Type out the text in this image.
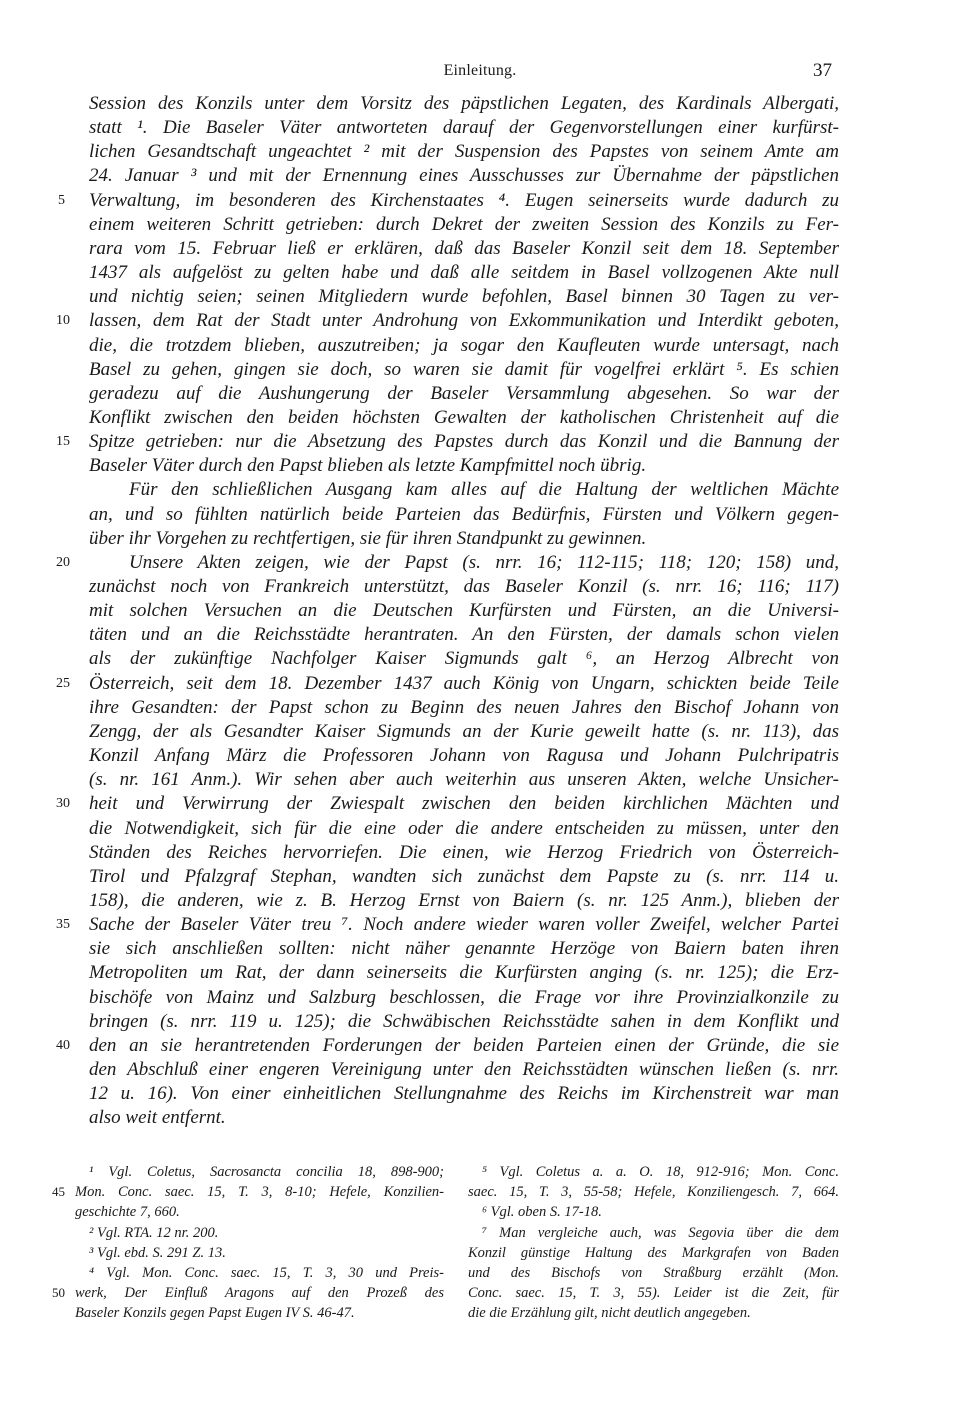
Einleitung.	37
Session des Konzils unter dem Vorsitz des päpstlichen Legaten, des Kardinals Albergati,
statt ¹. Die Baseler Väter antworteten darauf der Gegenvorstellungen einer kurfürst-
lichen Gesandtschaft ungeachtet ² mit der Suspension des Papstes von seinem Amte am
24. Januar ³ und mit der Ernennung eines Ausschusses zur Übernahme der päpstlichen
Verwaltung, im besonderen des Kirchenstaates ⁴. Eugen seinerseits wurde dadurch zu
einem weiteren Schritt getrieben: durch Dekret der zweiten Session des Konzils zu Fer-
rara vom 15. Februar ließ er erklären, daß das Baseler Konzil seit dem 18. September
1437 als aufgelöst zu gelten habe und daß alle seitdem in Basel vollzogenen Akte null
und nichtig seien; seinen Mitgliedern wurde befohlen, Basel binnen 30 Tagen zu ver-
lassen, dem Rat der Stadt unter Androhung von Exkommunikation und Interdikt geboten,
die, die trotzdem blieben, auszutreiben; ja sogar den Kaufleuten wurde untersagt, nach
Basel zu gehen, gingen sie doch, so waren sie damit für vogelfrei erklärt ⁵. Es schien
geradezu auf die Aushungerung der Baseler Versammlung abgesehen. So war der
Konflikt zwischen den beiden höchsten Gewalten der katholischen Christenheit auf die
Spitze getrieben: nur die Absetzung des Papstes durch das Konzil und die Bannung der
Baseler Väter durch den Papst blieben als letzte Kampfmittel noch übrig.
Für den schließlichen Ausgang kam alles auf die Haltung der weltlichen Mächte
an, und so fühlten natürlich beide Parteien das Bedürfnis, Fürsten und Völkern gegen-
über ihr Vorgehen zu rechtfertigen, sie für ihren Standpunkt zu gewinnen.
Unsere Akten zeigen, wie der Papst (s. nrr. 16; 112-115; 118; 120; 158) und,
zunächst noch von Frankreich unterstützt, das Baseler Konzil (s. nrr. 16; 116; 117)
mit solchen Versuchen an die Deutschen Kurfürsten und Fürsten, an die Universi-
täten und an die Reichsstädte herantraten. An den Fürsten, der damals schon vielen
als der zukünftige Nachfolger Kaiser Sigmunds galt ⁶, an Herzog Albrecht von
Österreich, seit dem 18. Dezember 1437 auch König von Ungarn, schickten beide Teile
ihre Gesandten: der Papst schon zu Beginn des neuen Jahres den Bischof Johann von
Zengg, der als Gesandter Kaiser Sigmunds an der Kurie geweilt hatte (s. nr. 113), das
Konzil Anfang März die Professoren Johann von Ragusa und Johann Pulchripatris
(s. nr. 161 Anm.). Wir sehen aber auch weiterhin aus unseren Akten, welche Unsicher-
heit und Verwirrung der Zwiespalt zwischen den beiden kirchlichen Mächten und
die Notwendigkeit, sich für die eine oder die andere entscheiden zu müssen, unter den
Ständen des Reiches hervorriefen. Die einen, wie Herzog Friedrich von Österreich-
Tirol und Pfalzgraf Stephan, wandten sich zunächst dem Papste zu (s. nrr. 114 u.
158), die anderen, wie z. B. Herzog Ernst von Baiern (s. nr. 125 Anm.), blieben der
Sache der Baseler Väter treu ⁷. Noch andere wieder waren voller Zweifel, welcher Partei
sie sich anschließen sollten: nicht näher genannte Herzöge von Baiern baten ihren
Metropoliten um Rat, der dann seinerseits die Kurfürsten anging (s. nr. 125); die Erz-
bischöfe von Mainz und Salzburg beschlossen, die Frage vor ihre Provinzialkonzile zu
bringen (s. nrr. 119 u. 125); die Schwäbischen Reichsstädte sahen in dem Konflikt und
den an sie herantretenden Forderungen der beiden Parteien einen der Gründe, die sie
den Abschluß einer engeren Vereinigung unter den Reichsstädten wünschen ließen (s. nrr.
12 u. 16). Von einer einheitlichen Stellungnahme des Reichs im Kirchenstreit war man
also weit entfernt.
5
10
15
20
25
30
35
40
¹ Vgl. Coletus, Sacrosancta concilia 18, 898-900;
Mon. Conc. saec. 15, T. 3, 8-10; Hefele, Konzilien-
geschichte 7, 660.
² Vgl. RTA. 12 nr. 200.
³ Vgl. ebd. S. 291 Z. 13.
⁴ Vgl. Mon. Conc. saec. 15, T. 3, 30 und Preis-
werk, Der Einfluß Aragons auf den Prozeß des
Baseler Konzils gegen Papst Eugen IV S. 46-47.
⁵ Vgl. Coletus a. a. O. 18, 912-916; Mon. Conc.
saec. 15, T. 3, 55-58; Hefele, Konziliengesch. 7, 664.
⁶ Vgl. oben S. 17-18.
⁷ Man vergleiche auch, was Segovia über die dem
Konzil günstige Haltung des Markgrafen von Baden
und des Bischofs von Straßburg erzählt (Mon.
Conc. saec. 15, T. 3, 55). Leider ist die Zeit, für
die die Erzählung gilt, nicht deutlich angegeben.
45
50
